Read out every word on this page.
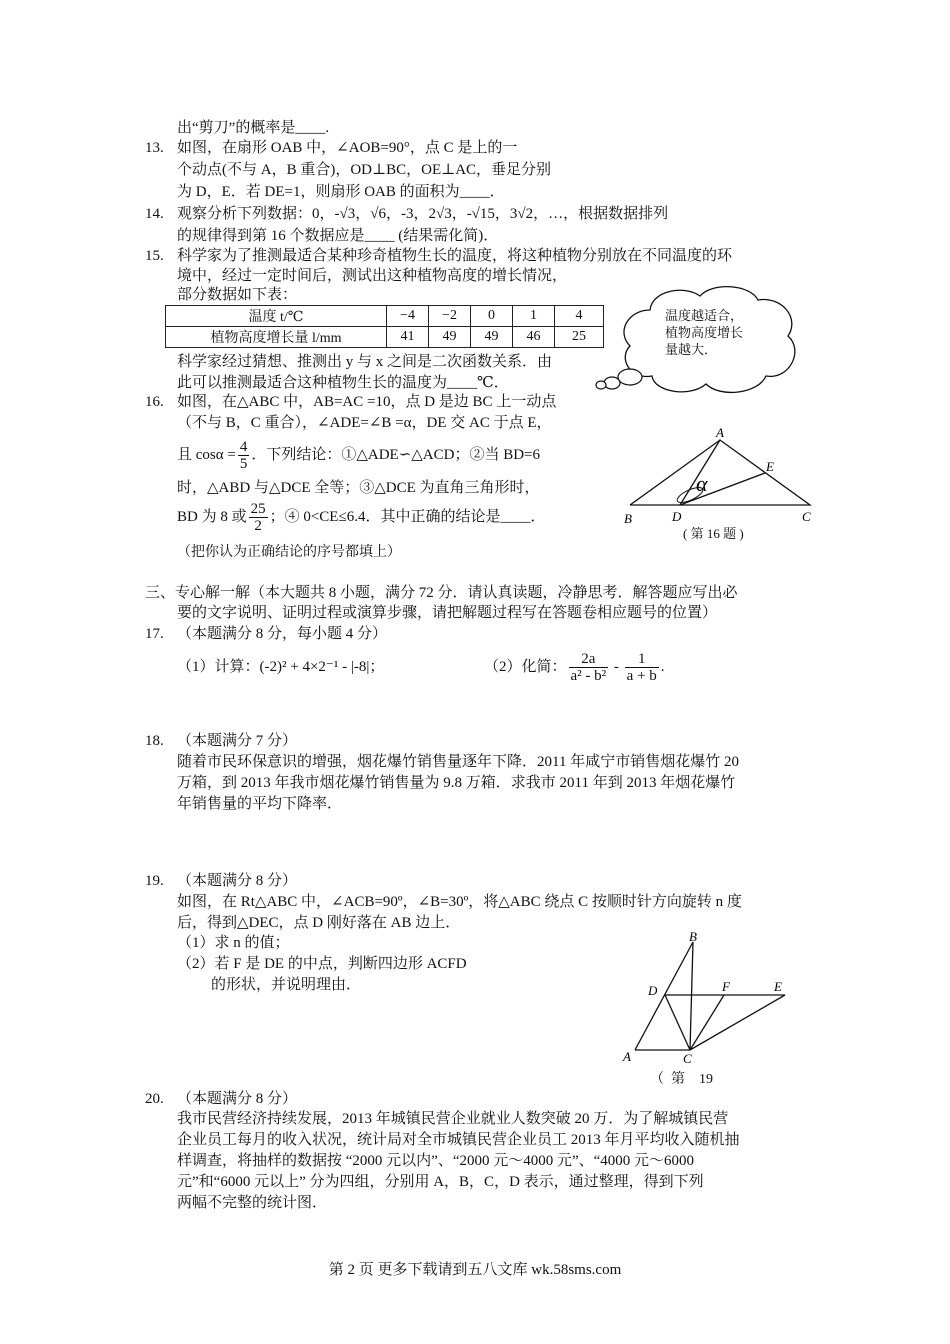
出“剪刀”的概率是____.
13. 如图，在扇形 OAB 中，∠AOB=90°，点 C 是上的一
个动点(不与 A，B 重合)，OD⊥BC，OE⊥AC，垂足分别
为 D，E．若 DE=1，则扇形 OAB 的面积为____．
14. 观察分析下列数据：0，-√3，√6，-3，2√3，-√15，3√2，…，根据数据排列
的规律得到第 16 个数据应是____ (结果需化简)．
15. 科学家为了推测最适合某种珍奇植物生长的温度，将这种植物分别放在不同温度的环
境中，经过一定时间后，测试出这种植物高度的增长情况，
部分数据如下表：
温度 t/℃	−4	−2	0	1	4
植物高度增长量 l/mm	41	49	49	46	25
科学家经过猜想、推测出 y 与 x 之间是二次函数关系．由
此可以推测最适合这种植物生长的温度为____℃．
温度越适合，
植物高度增长
量越大．
16. 如图，在△ABC 中，AB=AC =10，点 D 是边 BC 上一动点
（不与 B，C 重合），∠ADE=∠B =α，DE 交 AC 于点 E，
且 $\cos\alpha = \frac{4}{5}$ ．下列结论：①△ADE∽△ACD；②当 BD=6
时，△ABD 与△DCE 全等；③△DCE 为直角三角形时，
BD 为 8 或 $\frac{25}{2}$ ；④ 0<CE≤6.4．其中正确的结论是____．
（把你认为正确结论的序号都填上）
A
E
B	D	C
α
( 第 16 题 )
三、专心解一解（本大题共 8 小题，满分 72 分．请认真读题，冷静思考．解答题应写出必
要的文字说明、证明过程或演算步骤，请把解题过程写在答题卷相应题号的位置）
17. （本题满分 8 分，每小题 4 分）
（1）计算：(-2)² + 4×2⁻¹ - |-8|；	（2）化简： $\frac{2a}{\text{a² - b²}} - \frac{1}{a + b}$ .
18. （本题满分 7 分）
随着市民环保意识的增强，烟花爆竹销售量逐年下降．2011 年咸宁市销售烟花爆竹 20
万箱，到 2013 年我市烟花爆竹销售量为 9.8 万箱．求我市 2011 年到 2013 年烟花爆竹
年销售量的平均下降率．
19. （本题满分 8 分）
如图，在 Rt△ABC 中，∠ACB=90º，∠B=30º，将△ABC 绕点 C 按顺时针方向旋转 n 度
后，得到△DEC，点 D 刚好落在 AB 边上．
（1）求 n 的值；
（2）若 F 是 DE 的中点，判断四边形 ACFD
的形状，并说明理由．
B
D	F	E
A	C
（  第    19
20. （本题满分 8 分）
我市民营经济持续发展，2013 年城镇民营企业就业人数突破 20 万．为了解城镇民营
企业员工每月的收入状况，统计局对全市城镇民营企业员工 2013 年月平均收入随机抽
样调查，将抽样的数据按 “2000 元以内”、“2000 元～4000 元”、“4000 元～6000
元”和“6000 元以上” 分为四组，分别用 A，B，C，D 表示，通过整理，得到下列
两幅不完整的统计图．
第 2 页 更多下载请到五八文库 wk.58sms.com
